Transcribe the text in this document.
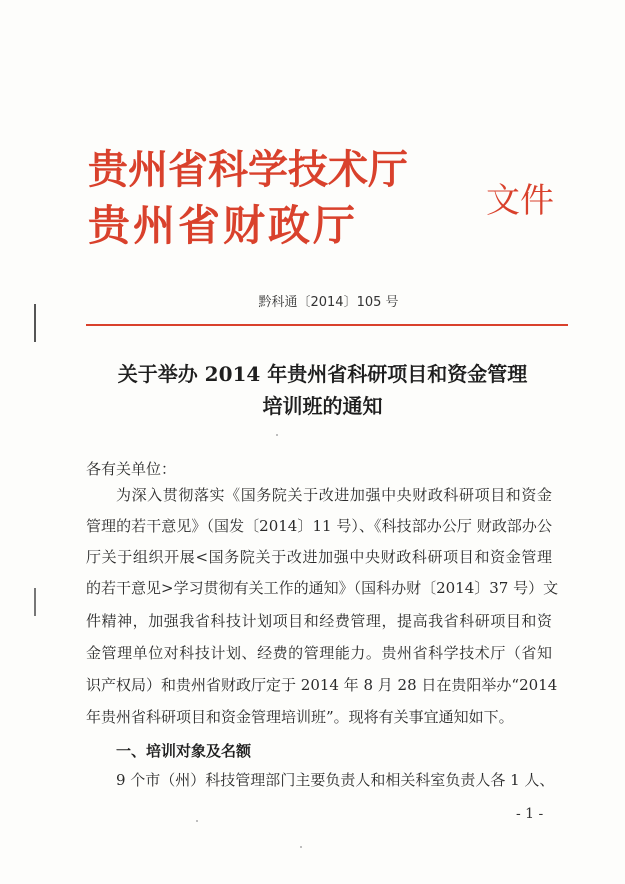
贵州省科学技术厅
贵州省财政厅	文件
黔科通〔2014〕105 号
关于举办 2014 年贵州省科研项目和资金管理
培训班的通知
各有关单位：
为深入贯彻落实《国务院关于改进加强中央财政科研项目和资金
管理的若干意见》（国发〔2014〕11 号）、《科技部办公厅 财政部办公
厅关于组织开展<国务院关于改进加强中央财政科研项目和资金管理
的若干意见>学习贯彻有关工作的通知》（国科办财〔2014〕37 号）文
件精神，加强我省科技计划项目和经费管理，提高我省科研项目和资
金管理单位对科技计划、经费的管理能力。贵州省科学技术厅（省知
识产权局）和贵州省财政厅定于 2014 年 8 月 28 日在贵阳举办“2014
年贵州省科研项目和资金管理培训班”。现将有关事宜通知如下。
一、培训对象及名额
9 个市（州）科技管理部门主要负责人和相关科室负责人各 1 人、
- 1 -
